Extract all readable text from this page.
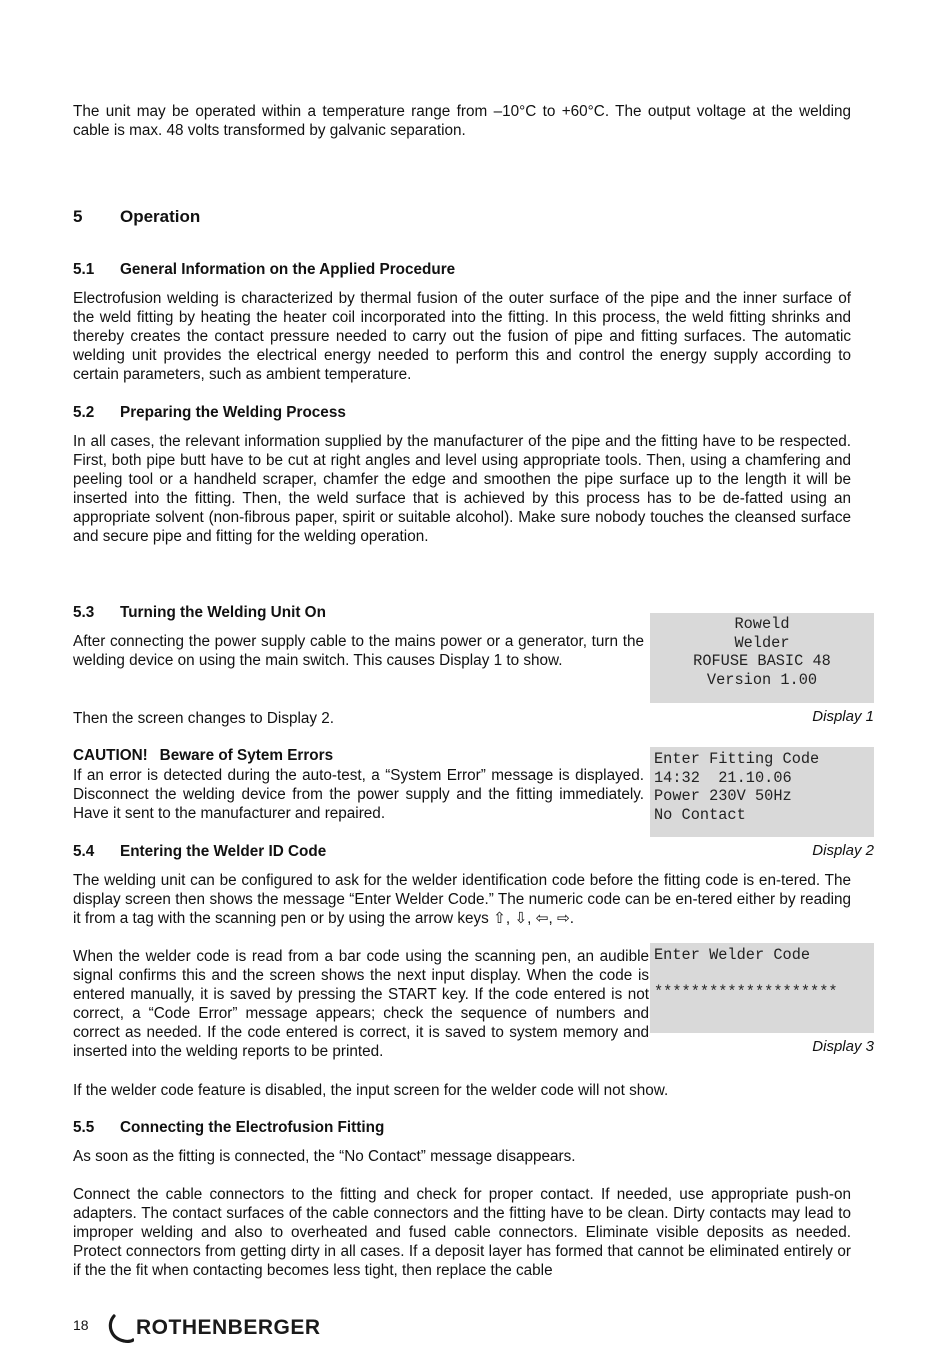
The unit may be operated within a temperature range from –10°C to +60°C. The output voltage at the welding cable is max. 48 volts transformed by galvanic separation.

5 Operation
5.1 General Information on the Applied Procedure

Electrofusion welding is characterized by thermal fusion of the outer surface of the pipe and the inner surface of the weld fitting by heating the heater coil incorporated into the fitting. In this process, the weld fitting shrinks and thereby creates the contact pressure needed to carry out the fusion of pipe and fitting surfaces. The automatic welding unit provides the electrical energy needed to perform this and control the energy supply according to certain parameters, such as ambient temperature.

5.2 Preparing the Welding Process

In all cases, the relevant information supplied by the manufacturer of the pipe and the fitting have to be respected. First, both pipe butt have to be cut at right angles and level using appropriate tools. Then, using a chamfering and peeling tool or a handheld scraper, chamfer the edge and smoothen the pipe surface up to the length it will be inserted into the fitting. Then, the weld surface that is achieved by this process has to be de-fatted using an appropriate solvent (non-fibrous paper, spirit or suitable alcohol). Make sure nobody touches the cleansed surface and secure pipe and fitting for the welding operation.

5.3 Turning the Welding Unit On

After connecting the power supply cable to the mains power or a generator, turn the welding device on using the main switch. This causes Display 1 to show.

Then the screen changes to Display 2.

CAUTION!  Beware of Sytem Errors

If an error is detected during the auto-test, a “System Error” message is displayed. Disconnect the welding device from the power supply and the fitting immediately. Have it sent to the manufacturer and repaired.

Roweld
Welder
ROFUSE BASIC 48
Version 1.00
Display 1
Enter Fitting Code
14:32  21.10.06
Power 230V 50Hz
No Contact
Display 2
5.4 Entering the Welder ID Code

The welding unit can be configured to ask for the welder identification code before the fitting code is en-tered. The display screen then shows the message “Enter Welder Code.” The numeric code can be en-tered either by reading it from a tag with the scanning pen or by using the arrow keys ⇧, ⇩, ⇦, ⇨.

When the welder code is read from a bar code using the scanning pen, an audible signal confirms this and the screen shows the next input display. When the code is entered manually, it is saved by pressing the START key. If the code entered is not correct, a “Code Error” message appears; check the sequence of numbers and correct as needed. If the code entered is correct, it is saved to system memory and inserted into the welding reports to be printed.

Enter Welder Code
********************
Display 3

If the welder code feature is disabled, the input screen for the welder code will not show.

5.5 Connecting the Electrofusion Fitting

As soon as the fitting is connected, the “No Contact” message disappears.

Connect the cable connectors to the fitting and check for proper contact. If needed, use appropriate push-on adapters. The contact surfaces of the cable connectors and the fitting have to be clean. Dirty contacts may lead to improper welding and also to overheated and fused cable connectors. Eliminate visible deposits as needed. Protect connectors from getting dirty in all cases. If a deposit layer has formed that cannot be eliminated entirely or if the the fit when contacting becomes less tight, then replace the cable

18 ROTHENBERGER
